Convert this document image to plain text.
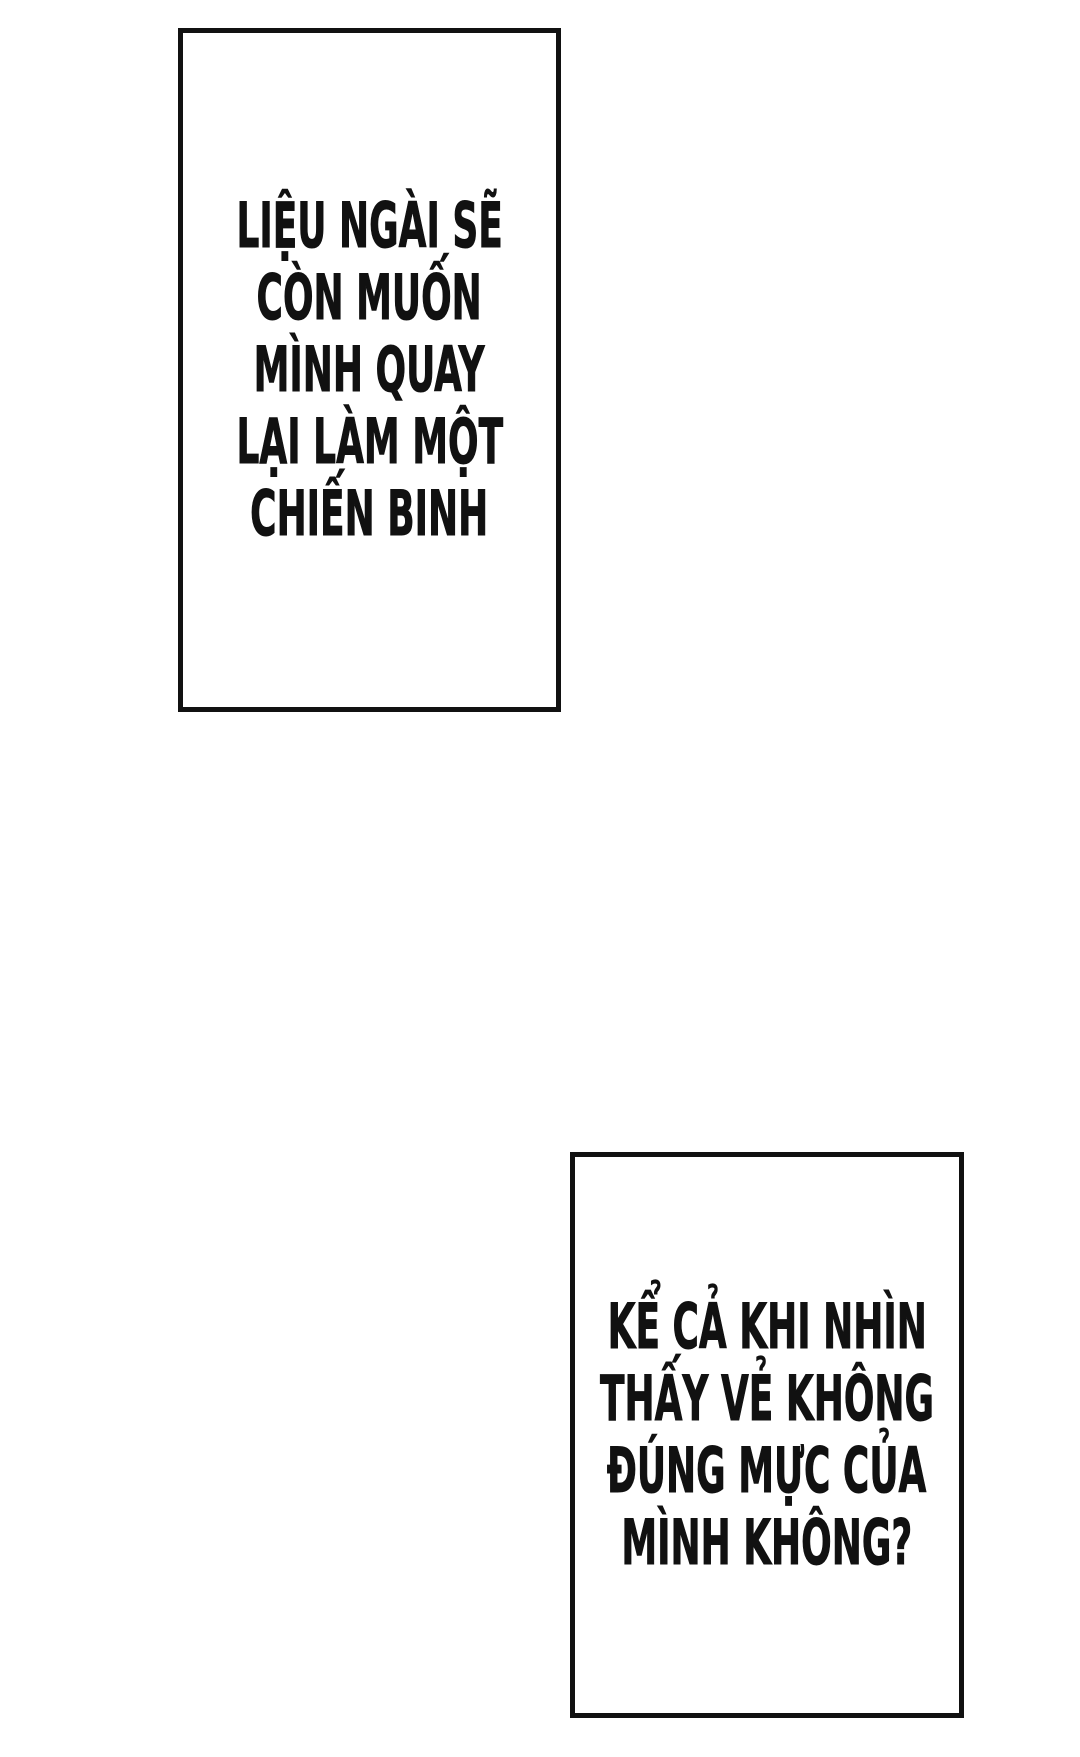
LIỆU NGÀI SẼ
CÒN MUỐN
MÌNH QUAY
LẠI LÀM MỘT
CHIẾN BINH
KỂ CẢ KHI NHÌN
THẤY VẺ KHÔNG
ĐÚNG MỰC CỦA
MÌNH KHÔNG?
